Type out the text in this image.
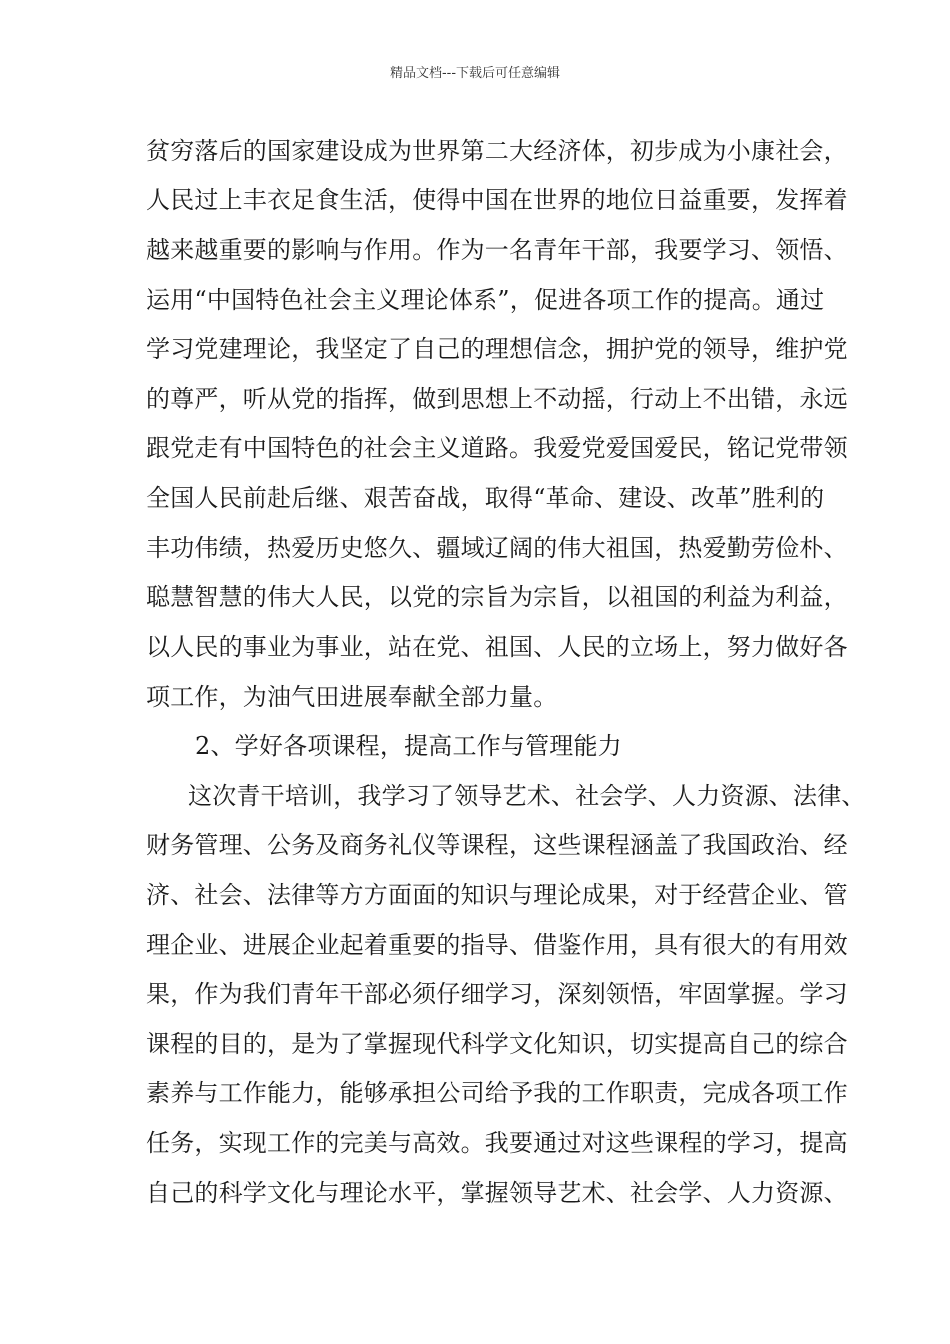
精品文档---下载后可任意编辑
贫穷落后的国家建设成为世界第二大经济体，初步成为小康社会，
人民过上丰衣足食生活，使得中国在世界的地位日益重要，发挥着
越来越重要的影响与作用。作为一名青年干部，我要学习、领悟、
运用“中国特色社会主义理论体系”，促进各项工作的提高。通过
学习党建理论，我坚定了自己的理想信念，拥护党的领导，维护党
的尊严，听从党的指挥，做到思想上不动摇，行动上不出错，永远
跟党走有中国特色的社会主义道路。我爱党爱国爱民，铭记党带领
全国人民前赴后继、艰苦奋战，取得“革命、建设、改革”胜利的
丰功伟绩，热爱历史悠久、疆域辽阔的伟大祖国，热爱勤劳俭朴、
聪慧智慧的伟大人民，以党的宗旨为宗旨，以祖国的利益为利益，
以人民的事业为事业，站在党、祖国、人民的立场上，努力做好各
项工作，为油气田进展奉献全部力量。
2、学好各项课程，提高工作与管理能力
这次青干培训，我学习了领导艺术、社会学、人力资源、法律、
财务管理、公务及商务礼仪等课程，这些课程涵盖了我国政治、经
济、社会、法律等方方面面的知识与理论成果，对于经营企业、管
理企业、进展企业起着重要的指导、借鉴作用，具有很大的有用效
果，作为我们青年干部必须仔细学习，深刻领悟，牢固掌握。学习
课程的目的，是为了掌握现代科学文化知识，切实提高自己的综合
素养与工作能力，能够承担公司给予我的工作职责，完成各项工作
任务，实现工作的完美与高效。我要通过对这些课程的学习，提高
自己的科学文化与理论水平，掌握领导艺术、社会学、人力资源、
